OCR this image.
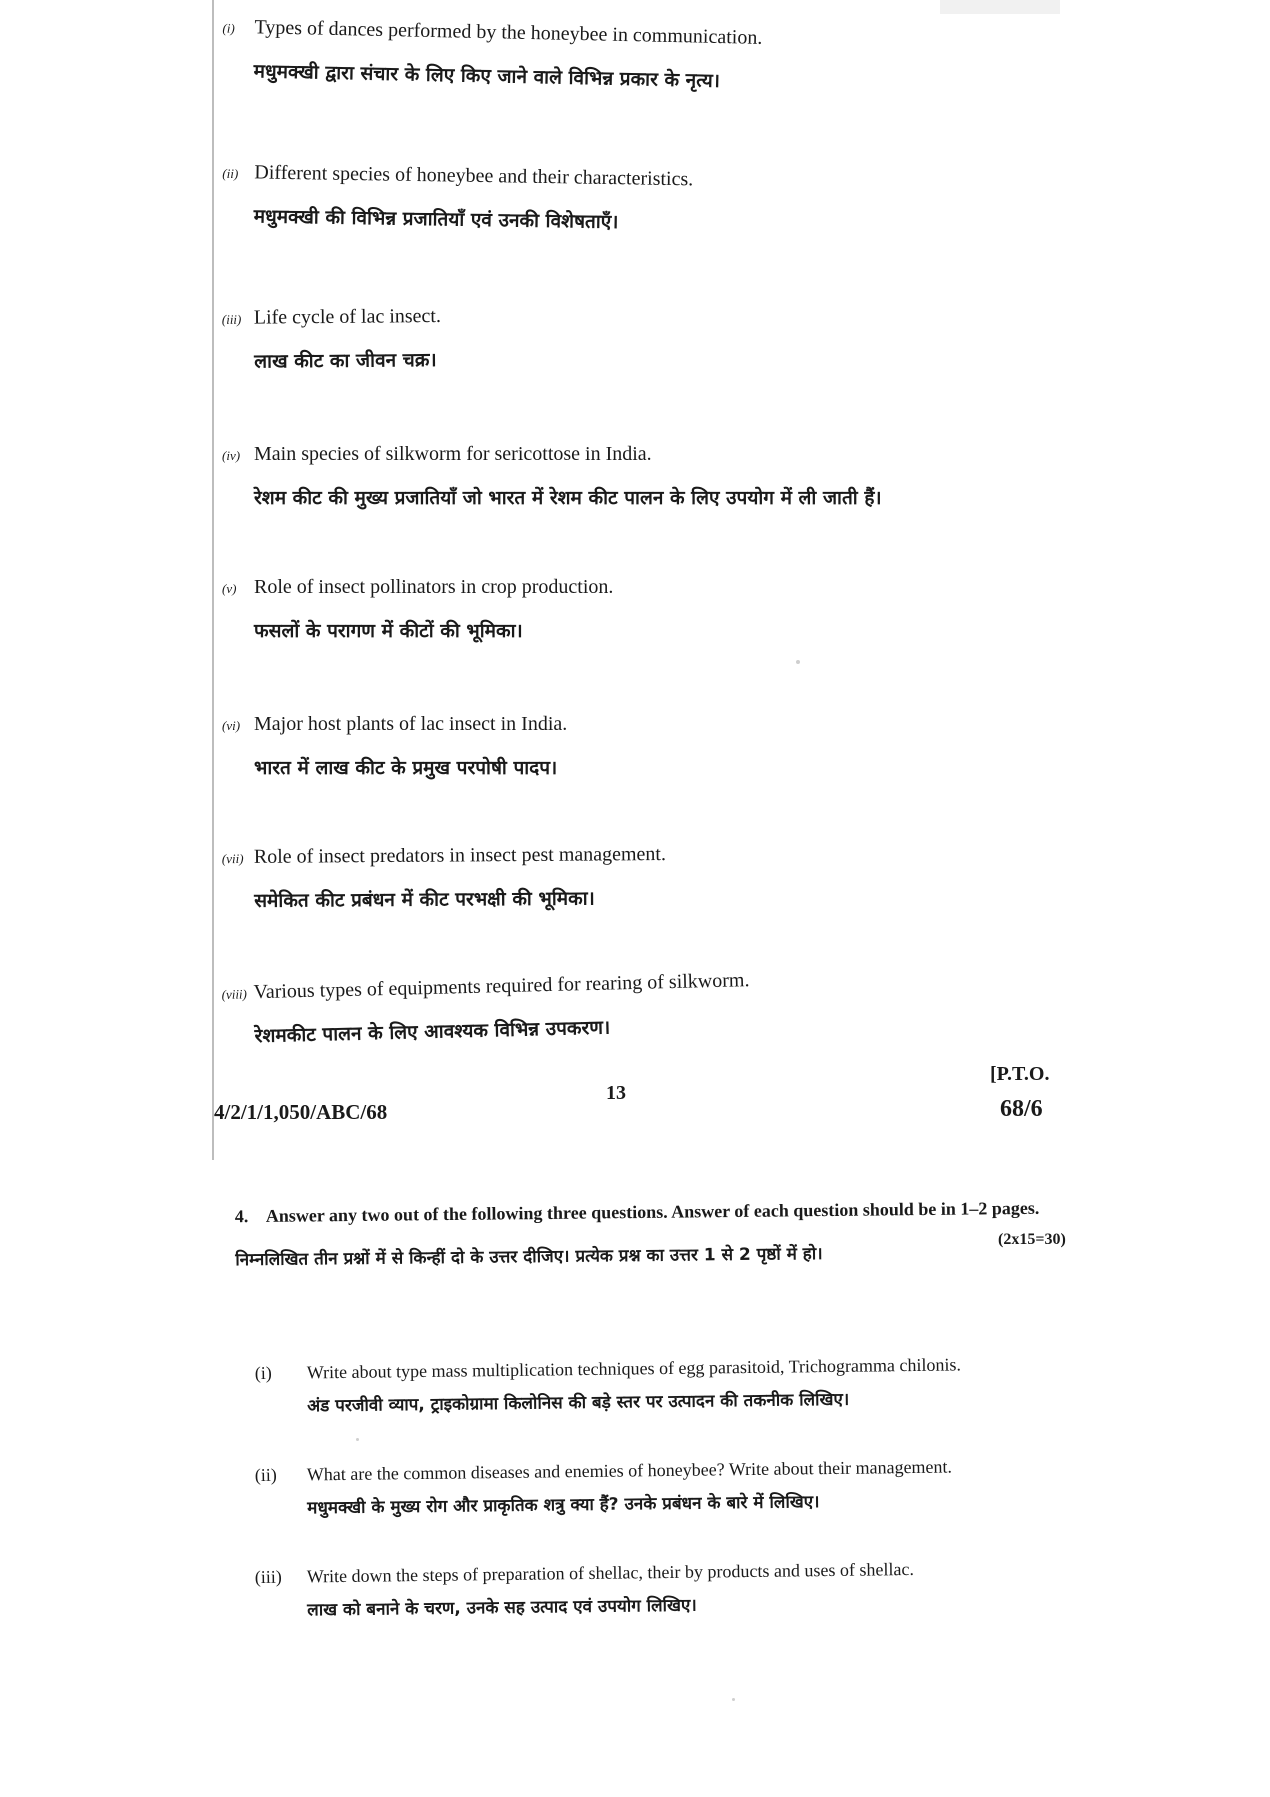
(i) Types of dances performed by the honeybee in communication.
मधुमक्खी द्वारा संचार के लिए किए जाने वाले विभिन्न प्रकार के नृत्य।
(ii) Different species of honeybee and their characteristics.
मधुमक्खी की विभिन्न प्रजातियाँ एवं उनकी विशेषताएँ।
(iii) Life cycle of lac insect.
लाख कीट का जीवन चक्र।
(iv) Main species of silkworm for sericottose in India.
रेशम कीट की मुख्य प्रजातियाँ जो भारत में रेशम कीट पालन के लिए उपयोग में ली जाती हैं।
(v) Role of insect pollinators in crop production.
फसलों के परागण में कीटों की भूमिका।
(vi) Major host plants of lac insect in India.
भारत में लाख कीट के प्रमुख परपोषी पादप।
(vii) Role of insect predators in insect pest management.
समेकित कीट प्रबंधन में कीट परभक्षी की भूमिका।
(viii) Various types of equipments required for rearing of silkworm.
रेशमकीट पालन के लिए आवश्यक विभिन्न उपकरण।
13
[P.T.O.
4/2/1/1,050/ABC/68	68/6
4. Answer any two out of the following three questions. Answer of each question should be in 1–2 pages.
निम्नलिखित तीन प्रश्नों में से किन्हीं दो के उत्तर दीजिए। प्रत्येक प्रश्न का उत्तर 1 से 2 पृष्ठों में हो।
(2x15=30)
(i) Write about type mass multiplication techniques of egg parasitoid, Trichogramma chilonis.
अंड परजीवी व्याप, ट्राइकोग्रामा किलोनिस की बड़े स्तर पर उत्पादन की तकनीक लिखिए।
(ii) What are the common diseases and enemies of honeybee? Write about their management.
मधुमक्खी के मुख्य रोग और प्राकृतिक शत्रु क्या हैं? उनके प्रबंधन के बारे में लिखिए।
(iii) Write down the steps of preparation of shellac, their by products and uses of shellac.
लाख को बनाने के चरण, उनके सह उत्पाद एवं उपयोग लिखिए।
